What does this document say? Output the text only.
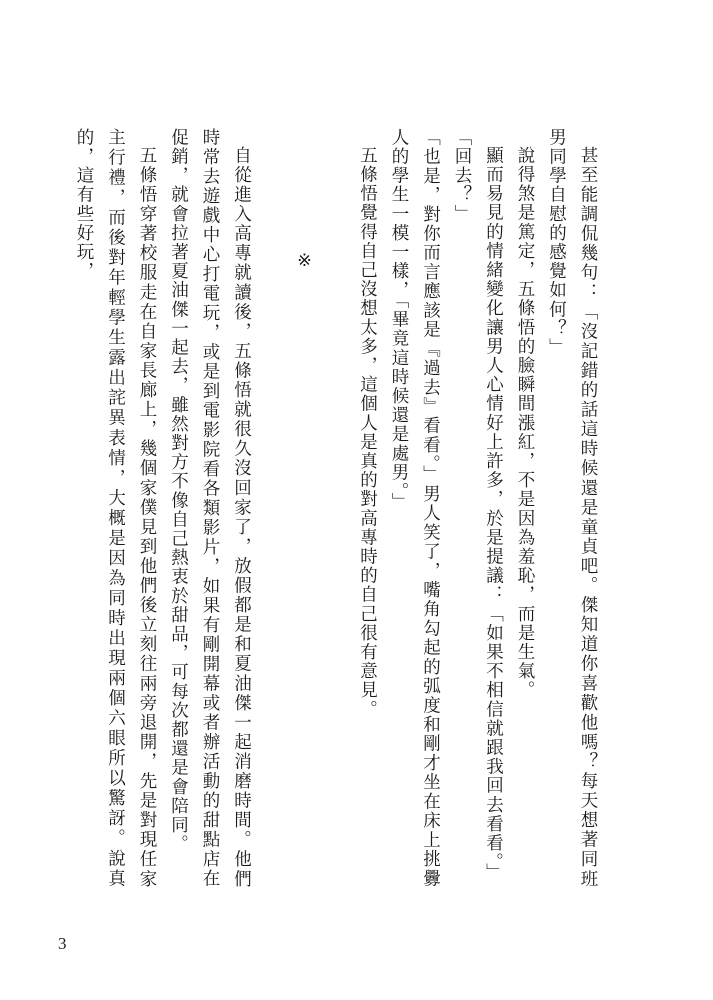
甚至能調侃幾句：「沒記錯的話這時候還是童貞吧。傑知道你喜歡他嗎？每天想著同班男同學自慰的感覺如何？」

說得煞是篤定，五條悟的臉瞬間漲紅，不是因為羞恥，而是生氣。

顯而易見的情緒變化讓男人心情好上許多，於是提議：「如果不相信就跟我回去看看。」

「回去？」

「也是，對你而言應該是『過去』看看。」男人笑了，嘴角勾起的弧度和剛才坐在床上挑釁人的學生一模一樣，「畢竟這時候還是處男。」

五條悟覺得自己沒想太多，這個人是真的對高專時的自己很有意見。

※

自從進入高專就讀後，五條悟就很久沒回家了，放假都是和夏油傑一起消磨時間。他們時常去遊戲中心打電玩，或是到電影院看各類影片，如果有剛開幕或者辦活動的甜點店在促銷，就會拉著夏油傑一起去，雖然對方不像自己熱衷於甜品，可每次都還是會陪同。

五條悟穿著校服走在自家長廊上，幾個家僕見到他們後立刻往兩旁退開，先是對現任家主行禮，而後對年輕學生露出詫異表情，大概是因為同時出現兩個六眼所以驚訝。說真的，這有些好玩，

3
